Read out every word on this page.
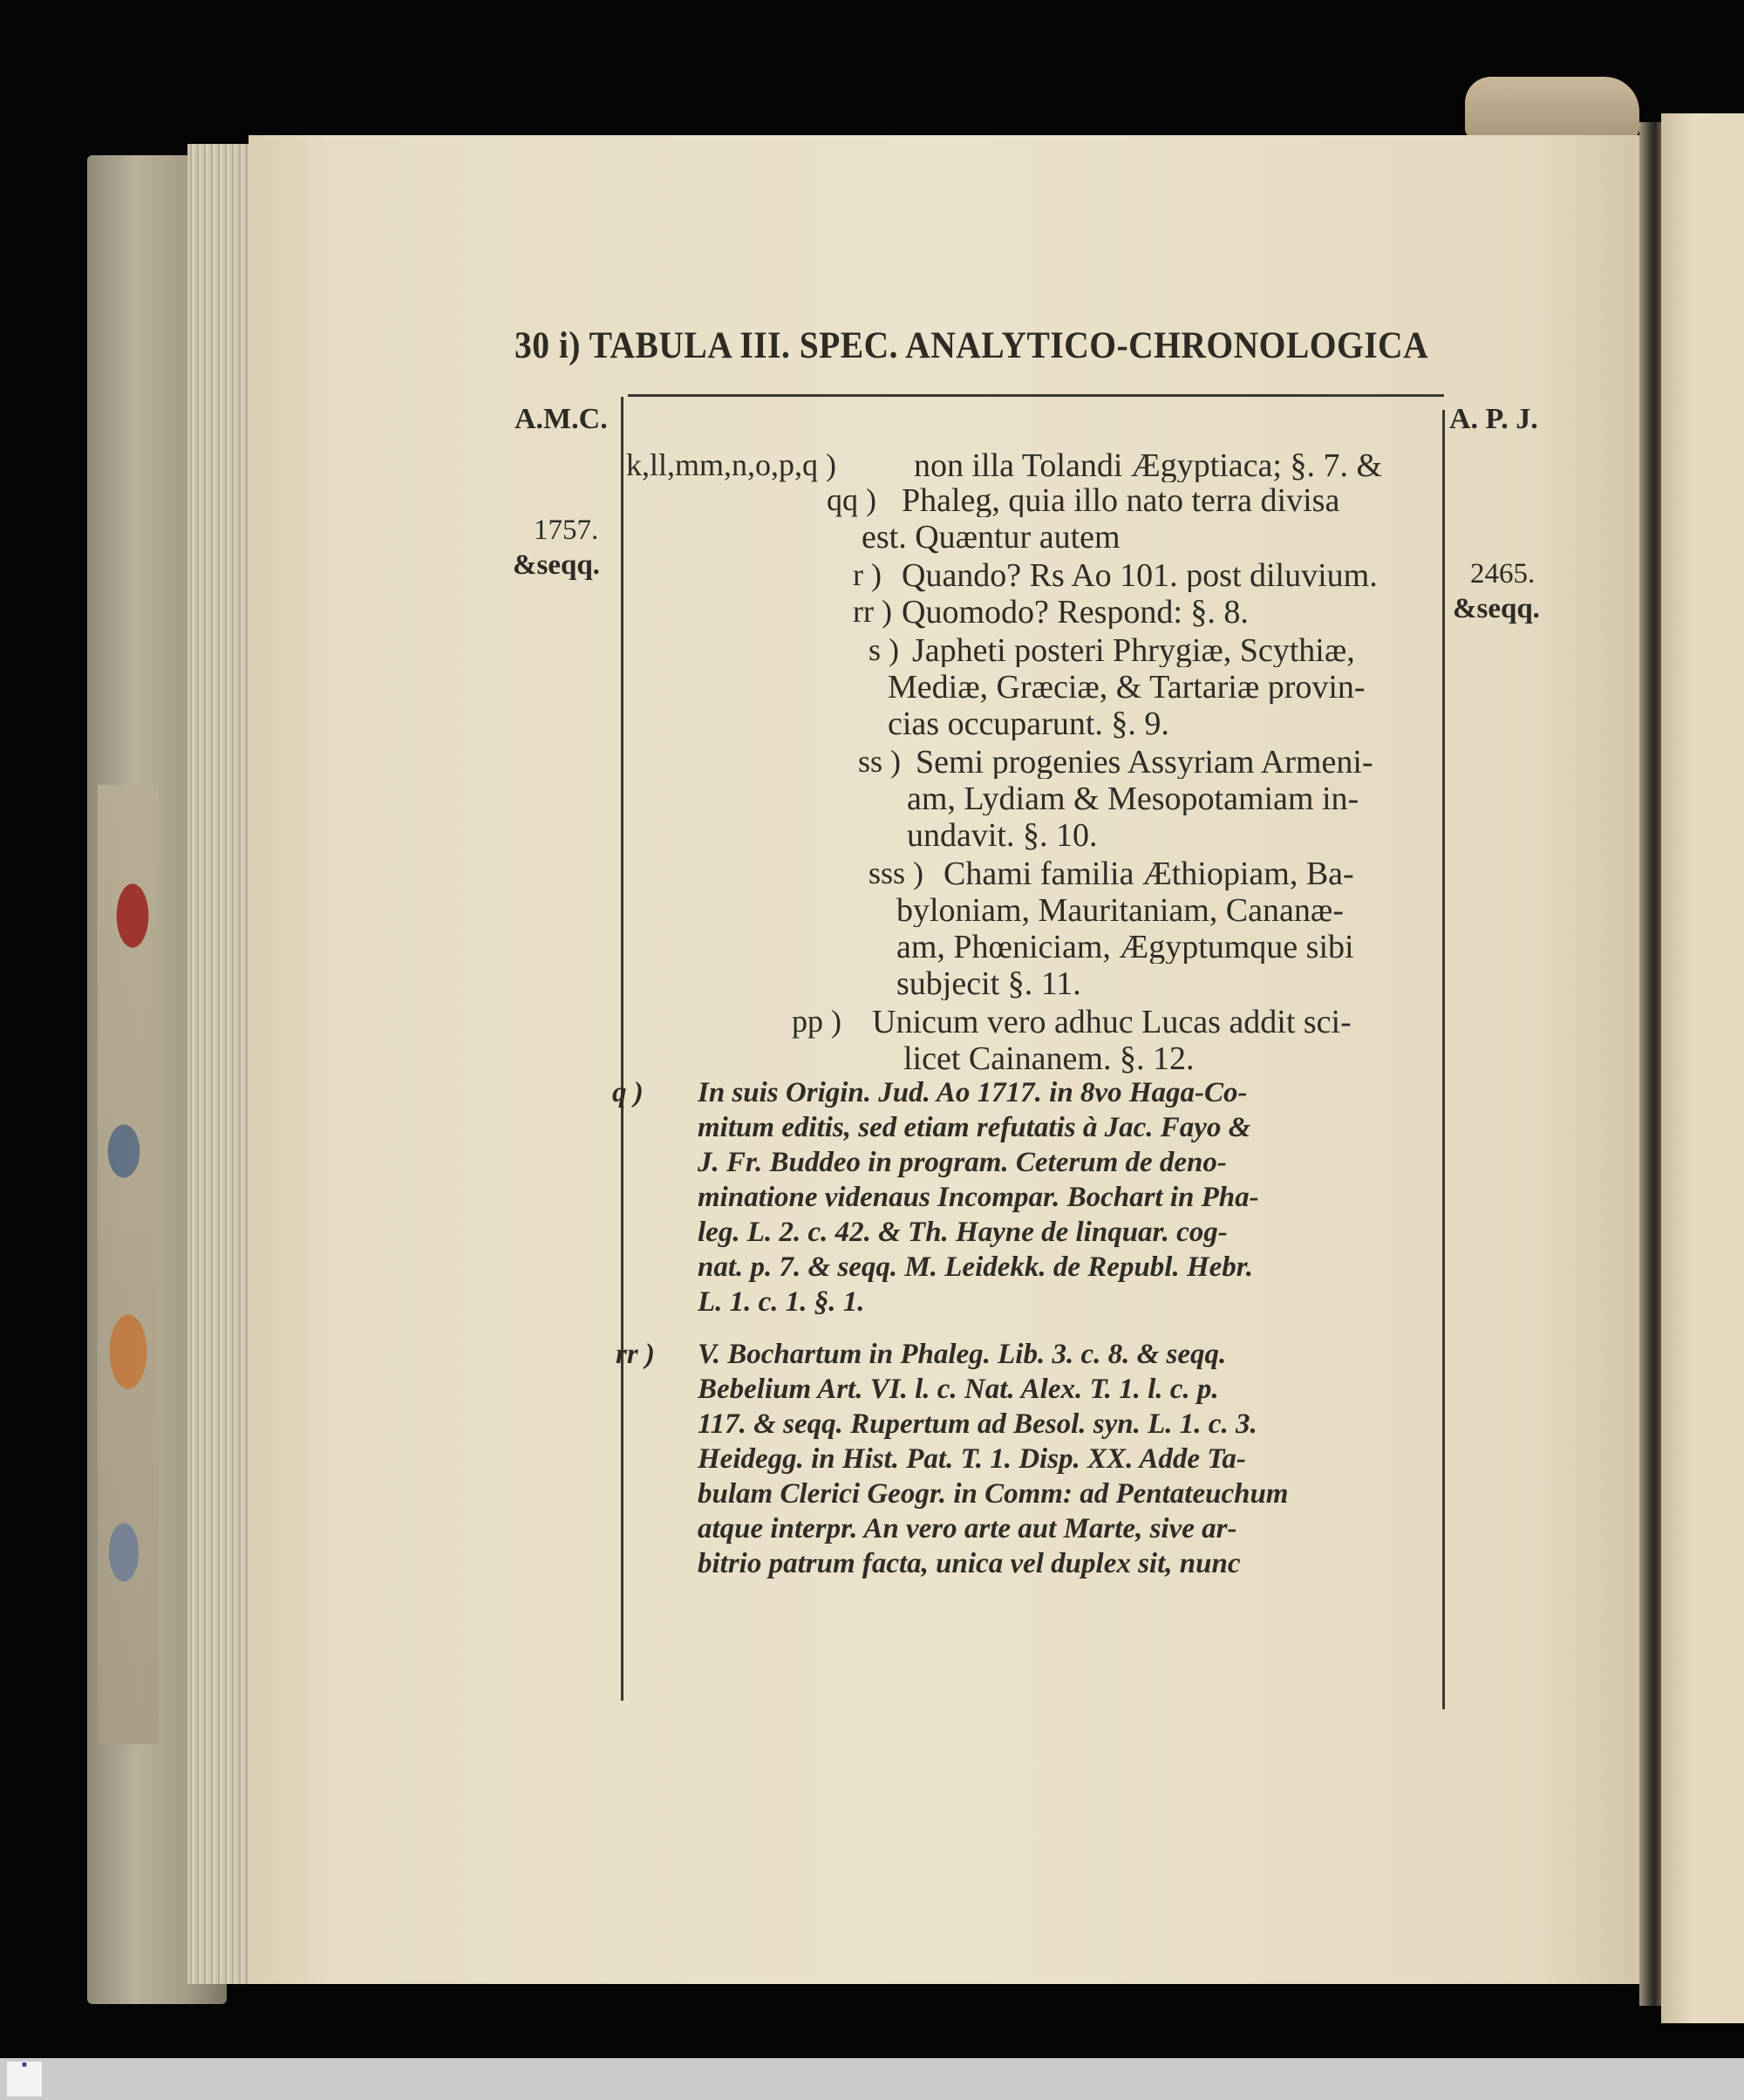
30 i) TABULA III. SPEC. ANALYTICO-CHRONOLOGICA
A.M.C.	A. P. J.
1757.
&seqq.	2465.
&seqq.
k,ll,mm,n,o,p,q ) non illa Tolandi Ægyptiaca; §. 7. &
qq ) Phaleg, quia illo nato terra divisa
est. Quæntur autem
r ) Quando? Rs Ao 101. post diluvium.
rr ) Quomodo? Respond: §. 8.
s ) Japheti posteri Phrygiæ, Scythiæ,
Mediæ, Græciæ, & Tartariæ provin-
cias occuparunt. §. 9.
ss ) Semi progenies Assyriam Armeni-
am, Lydiam & Mesopotamiam in-
undavit. §. 10.
sss ) Chami familia Æthiopiam, Ba-
byloniam, Mauritaniam, Cananæ-
am, Phœniciam, Ægyptumque sibi
subjecit §. 11.
pp ) Unicum vero adhuc Lucas addit sci-
licet Cainanem. §. 12.
q ) In suis Origin. Jud. Ao 1717. in 8vo Haga-Co-
mitum editis, sed etiam refutatis à Jac. Fayo &
J. Fr. Buddeo in program. Ceterum de deno-
minatione videnaus Incompar. Bochart in Pha-
leg. L. 2. c. 42. & Th. Hayne de linquar. cog-
nat. p. 7. & seqq. M. Leidekk. de Republ. Hebr.
L. 1. c. 1. §. 1.
rr ) V. Bochartum in Phaleg. Lib. 3. c. 8. & seqq.
Bebelium Art. VI. l. c. Nat. Alex. T. 1. l. c. p.
117. & seqq. Rupertum ad Besol. syn. L. 1. c. 3.
Heidegg. in Hist. Pat. T. 1. Disp. XX. Adde Ta-
bulam Clerici Geogr. in Comm: ad Pentateuchum
atque interpr. An vero arte aut Marte, sive ar-
bitrio patrum facta, unica vel duplex sit, nunc
■
